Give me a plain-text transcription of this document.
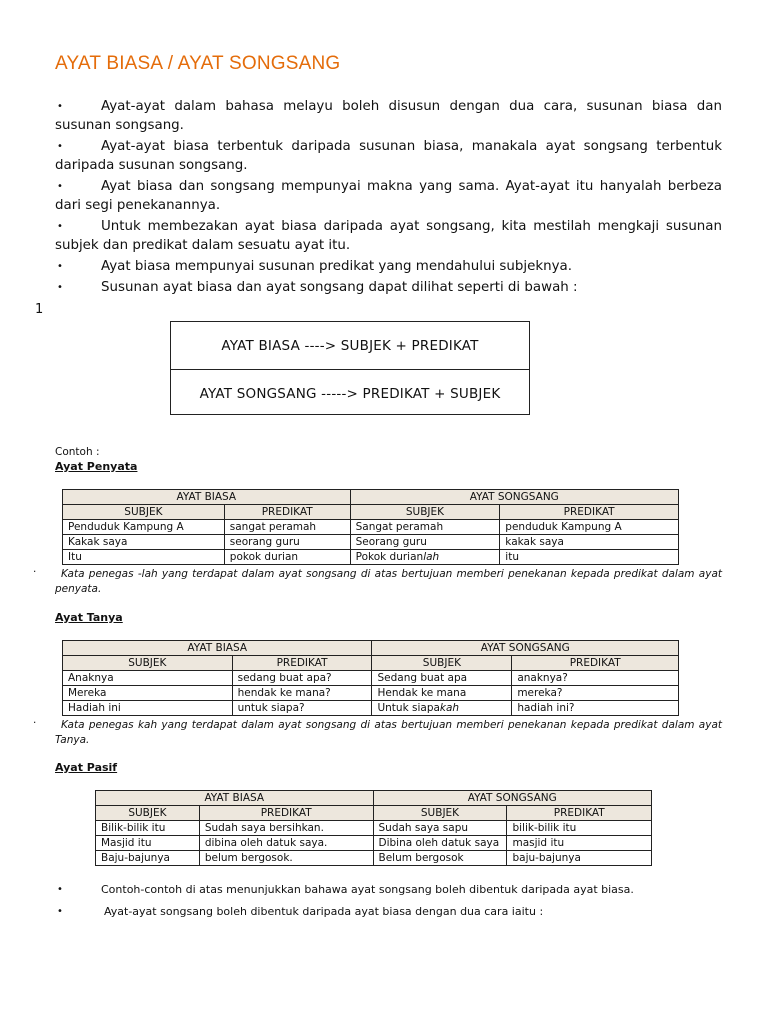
AYAT BIASA / AYAT SONGSANG
•	Ayat-ayat dalam bahasa melayu boleh disusun dengan dua cara, susunan biasa dan susunan songsang.
•	Ayat-ayat biasa terbentuk daripada susunan biasa, manakala ayat songsang terbentuk daripada susunan songsang.
•	Ayat biasa dan songsang mempunyai makna yang sama. Ayat-ayat itu hanyalah berbeza dari segi penekanannya.
•	Untuk membezakan ayat biasa daripada ayat songsang, kita mestilah mengkaji susunan subjek dan predikat dalam sesuatu ayat itu.
•	Ayat biasa mempunyai susunan predikat yang mendahului subjeknya.
•	Susunan ayat biasa dan ayat songsang dapat dilihat seperti di bawah :
1
AYAT BIASA ----> SUBJEK + PREDIKAT
AYAT SONGSANG -----> PREDIKAT + SUBJEK
Contoh :
Ayat Penyata
AYAT BIASA		AYAT SONGSANG	
SUBJEK	PREDIKAT	SUBJEK	PREDIKAT
Penduduk Kampung A	sangat peramah	Sangat peramah	penduduk Kampung A
Kakak saya	seorang guru	Seorang guru	kakak saya
Itu	pokok durian	Pokok durianlah	itu
· Kata penegas -lah yang terdapat dalam ayat songsang di atas bertujuan memberi penekanan kepada predikat dalam ayat penyata.
Ayat Tanya
AYAT BIASA		AYAT SONGSANG	
SUBJEK	PREDIKAT	SUBJEK	PREDIKAT
Anaknya	sedang buat apa?	Sedang buat apa	anaknya?
Mereka	hendak ke mana?	Hendak ke mana	mereka?
Hadiah ini	untuk siapa?	Untuk siapakah	hadiah ini?
· Kata penegas kah yang terdapat dalam ayat songsang di atas bertujuan memberi penekanan kepada predikat dalam ayat Tanya.
Ayat Pasif
AYAT BIASA		AYAT SONGSANG	
SUBJEK	PREDIKAT	SUBJEK	PREDIKAT
Bilik-bilik itu	Sudah saya bersihkan.	Sudah saya sapu	bilik-bilik itu
Masjid itu	dibina oleh datuk saya.	Dibina oleh datuk saya	masjid itu
Baju-bajunya	belum bergosok.	Belum bergosok	baju-bajunya
•	Contoh-contoh di atas menunjukkan bahawa ayat songsang boleh dibentuk daripada ayat biasa.
•	Ayat-ayat songsang boleh dibentuk daripada ayat biasa dengan dua cara iaitu :
